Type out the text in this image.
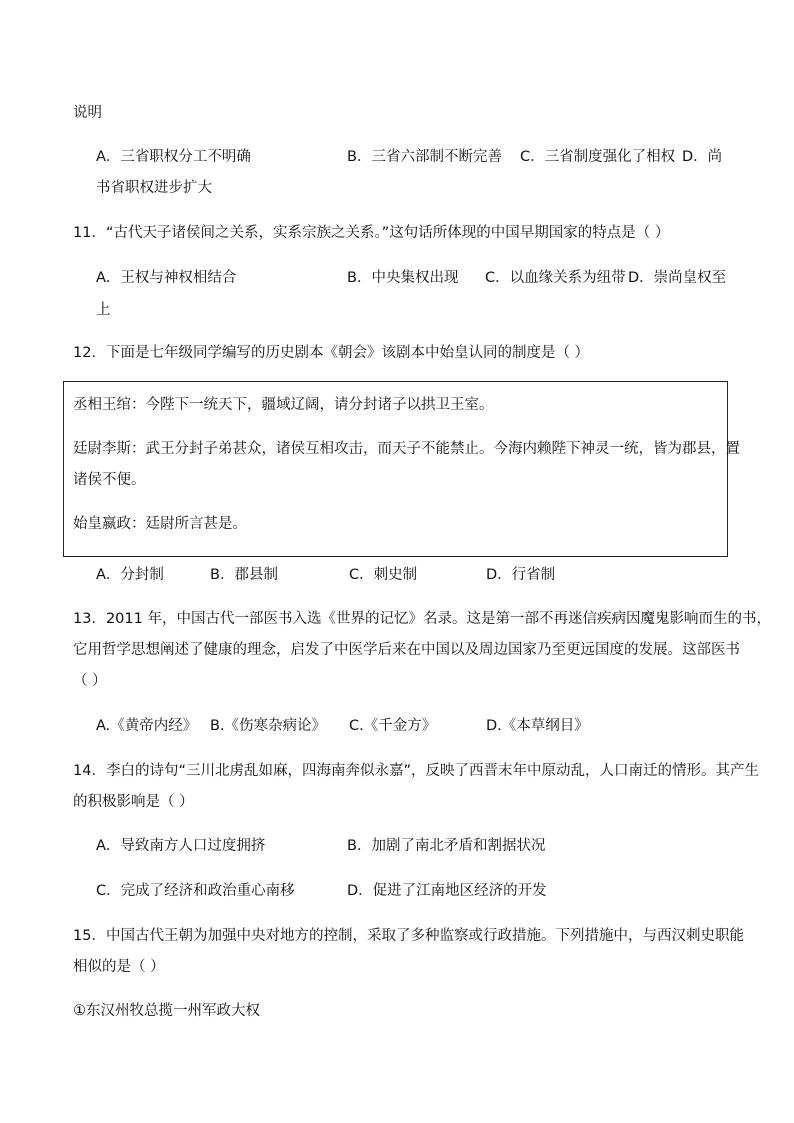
说明
A．三省职权分工不明确	B．三省六部制不断完善 C．三省制度强化了相权 D．尚
书省职权进步扩大
11．“古代天子诸侯间之关系，实系宗族之关系。”这句话所体现的中国早期国家的特点是（ ）
A．王权与神权相结合	B．中央集权出现 C．以血缘关系为纽带 D．崇尚皇权至
上
12．下面是七年级同学编写的历史剧本《朝会》该剧本中始皇认同的制度是（ ）
丞相王绾：今陛下一统天下，疆域辽阔，请分封诸子以拱卫王室。
廷尉李斯：武王分封子弟甚众，诸侯互相攻击，而天子不能禁止。今海内赖陛下神灵一统，皆为郡县，置
诸侯不便。
始皇嬴政：廷尉所言甚是。
A．分封制	B．郡县制	C．刺史制	D．行省制
13．2011 年，中国古代一部医书入选《世界的记忆》名录。这是第一部不再迷信疾病因魔鬼影响而生的书，
它用哲学思想阐述了健康的理念，启发了中医学后来在中国以及周边国家乃至更远国度的发展。这部医书
（ ）
A.《黄帝内经》 B.《伤寒杂病论》 C.《千金方》	D.《本草纲目》
14．李白的诗句“三川北虏乱如麻，四海南奔似永嘉”，反映了西晋末年中原动乱，人口南迁的情形。其产生
的积极影响是（ ）
A．导致南方人口过度拥挤	B．加剧了南北矛盾和割据状况
C．完成了经济和政治重心南移	D．促进了江南地区经济的开发
15．中国古代王朝为加强中央对地方的控制，采取了多种监察或行政措施。下列措施中，与西汉刺史职能
相似的是（ ）
①东汉州牧总揽一州军政大权
